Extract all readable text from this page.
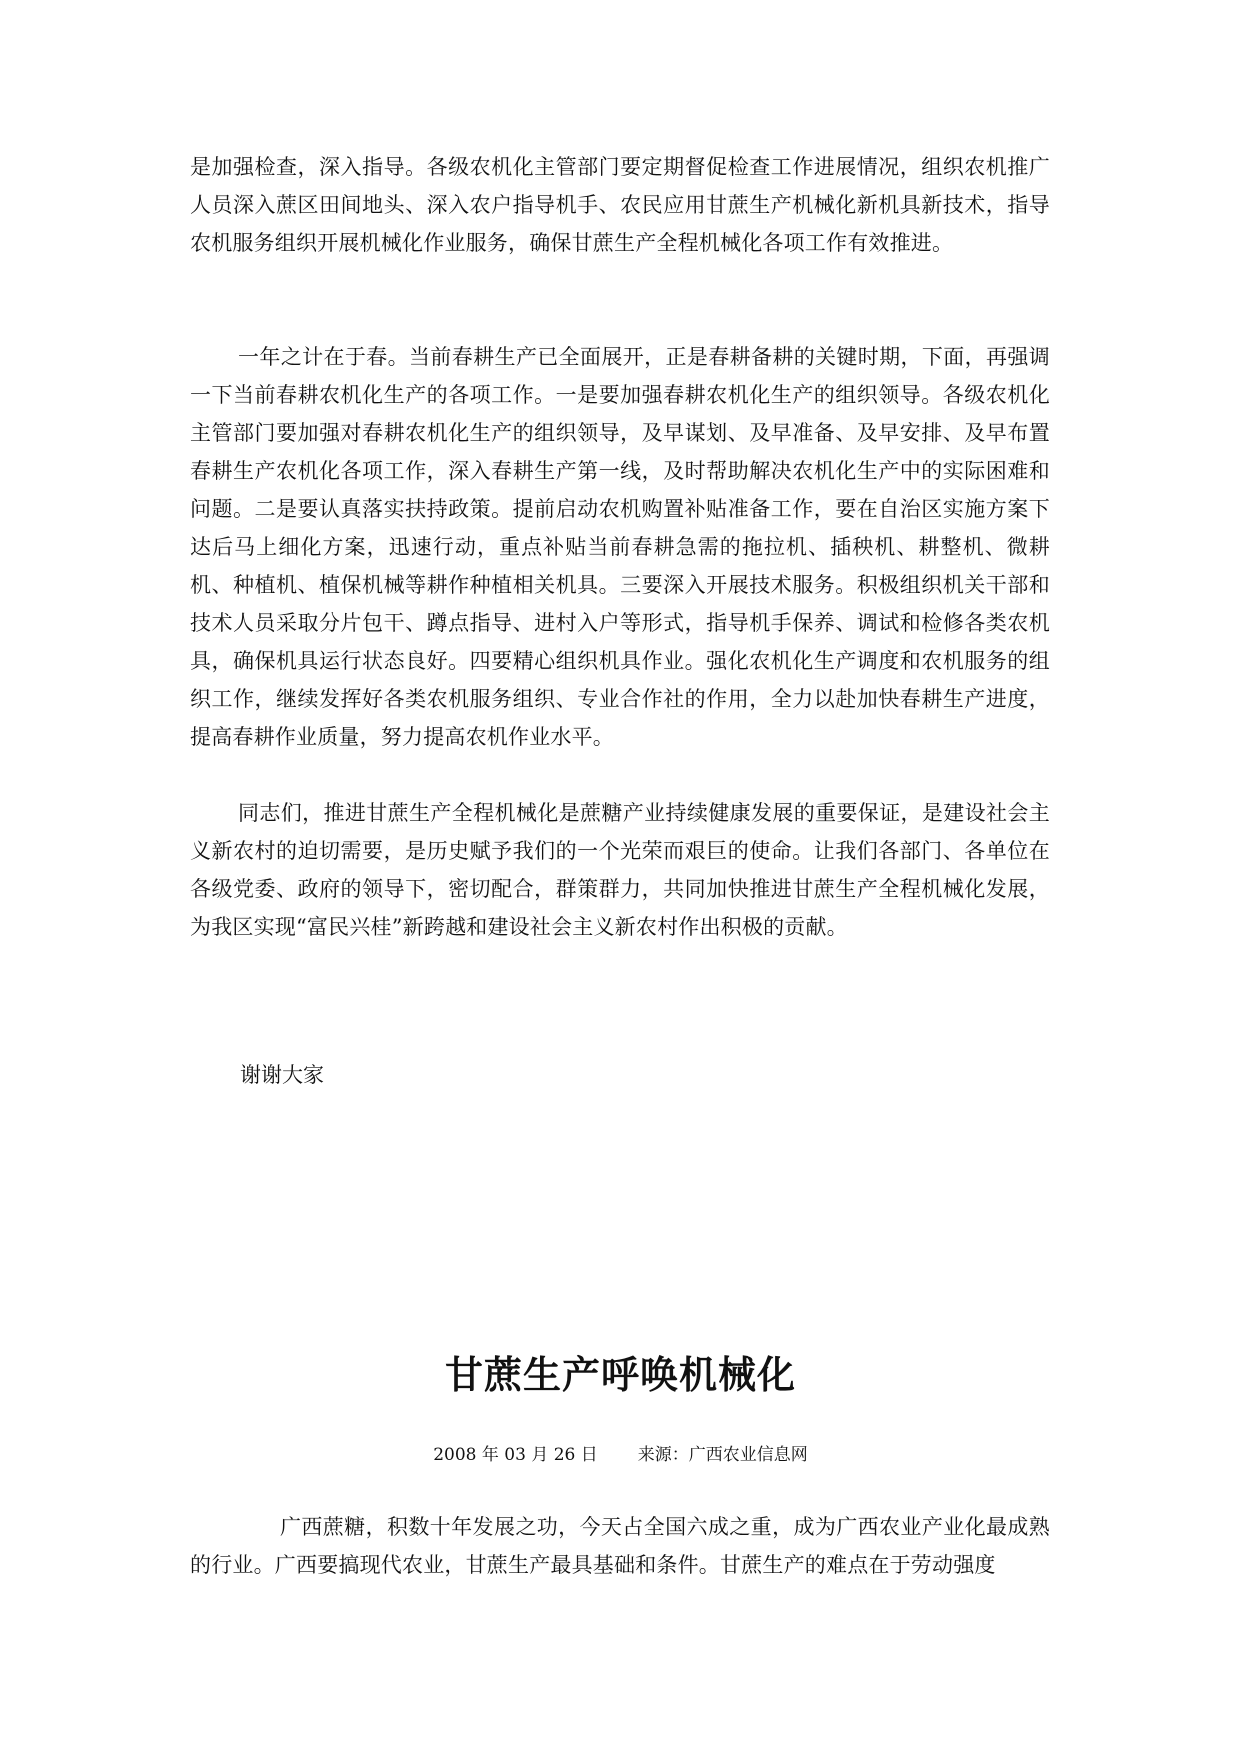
是加强检查，深入指导。各级农机化主管部门要定期督促检查工作进展情况，组织农机推广人员深入蔗区田间地头、深入农户指导机手、农民应用甘蔗生产机械化新机具新技术，指导农机服务组织开展机械化作业服务，确保甘蔗生产全程机械化各项工作有效推进。

一年之计在于春。当前春耕生产已全面展开，正是春耕备耕的关键时期，下面，再强调一下当前春耕农机化生产的各项工作。一是要加强春耕农机化生产的组织领导。各级农机化主管部门要加强对春耕农机化生产的组织领导，及早谋划、及早准备、及早安排、及早布置春耕生产农机化各项工作，深入春耕生产第一线，及时帮助解决农机化生产中的实际困难和问题。二是要认真落实扶持政策。提前启动农机购置补贴准备工作，要在自治区实施方案下达后马上细化方案，迅速行动，重点补贴当前春耕急需的拖拉机、插秧机、耕整机、微耕机、种植机、植保机械等耕作种植相关机具。三要深入开展技术服务。积极组织机关干部和技术人员采取分片包干、蹲点指导、进村入户等形式，指导机手保养、调试和检修各类农机具，确保机具运行状态良好。四要精心组织机具作业。强化农机化生产调度和农机服务的组织工作，继续发挥好各类农机服务组织、专业合作社的作用，全力以赴加快春耕生产进度，提高春耕作业质量，努力提高农机作业水平。

同志们，推进甘蔗生产全程机械化是蔗糖产业持续健康发展的重要保证，是建设社会主义新农村的迫切需要，是历史赋予我们的一个光荣而艰巨的使命。让我们各部门、各单位在各级党委、政府的领导下，密切配合，群策群力，共同加快推进甘蔗生产全程机械化发展，为我区实现“富民兴桂”新跨越和建设社会主义新农村作出积极的贡献。

谢谢大家

甘蔗生产呼唤机械化
2008 年 03 月 26 日 来源：广西农业信息网

广西蔗糖，积数十年发展之功，今天占全国六成之重，成为广西农业产业化最成熟的行业。广西要搞现代农业，甘蔗生产最具基础和条件。甘蔗生产的难点在于劳动强度
